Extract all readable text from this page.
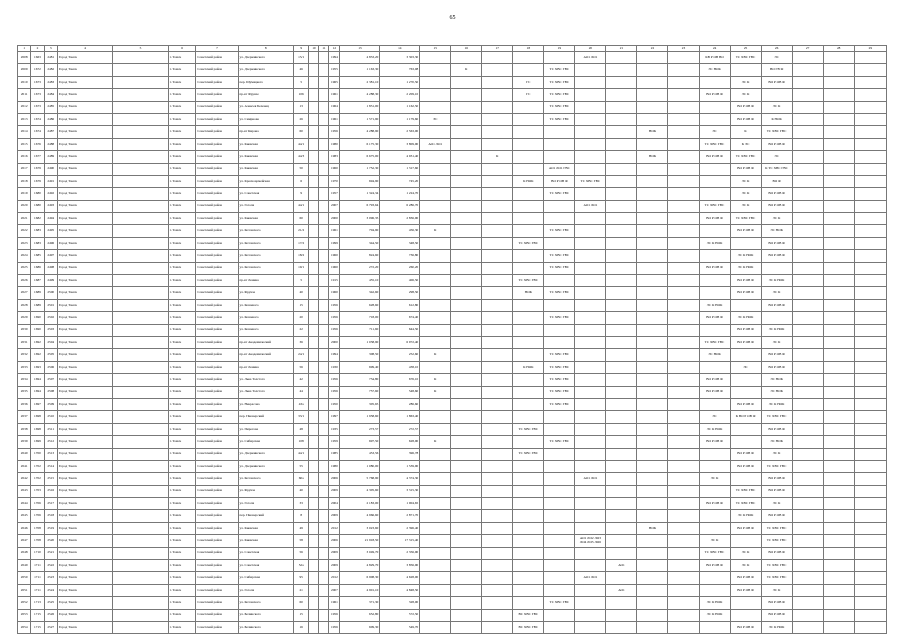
65
1	2	3	4	5	6	7	8	9	10	11	12	13	14	15	16	17	18	19	20	21	22	23	24	25	26	27	28	29
2008	1663	2481	Город Томск		г. Томск	Советский район	ул. Дзержинского	15/1			1994	4 833,20	3 303,30						АО1 ЛО1				КВ Р ОВ ВО	ТС ХВС ГВС	ЭС			
2009	1672	2482	Город Томск		г. Томск	Советский район	ул. Дзержинского	46			1955	1 163,30	763,08		К			ТС ХВС ГВС					ЭС НОК		ВО ГВ Ф			
2010	1673	2483	Город Томск		г. Томск	Советский район	пер. Шумяцкого	5			1965	2 381,10	1 270,50				ГС	ТС ХВС ГВС						ЭС К	ВО Р ОВ Ф			
2011	1673	2484	Город Томск		г. Томск	Советский район	пр-кт Фрунзе	106			1961	4 288,30	2 209,10				ГС	ТС ХВС ГВС					ВО Р ОВ Ф	ЭС К				
2012	1673	2485	Город Томск		г. Томск	Советский район	ул. Алексея Беленец	13			1964	1 831,00	1 162,50					ТС ХВС ГВС						ВО Р ОВ Ф	ЭС К			
2013	1674	2486	Город Томск		г. Томск	Советский район	ул. Смирнова	26			1961	1 571,90	1 179,60	ЭС				ТС ХВС ГВС						ВО Р ОВ Ф	К НОК			
2014	1674	2487	Город Томск		г. Томск	Советский район	пр-кт Кирова	60			1956	4 288,90	2 563,00								НОК		ЭС	К	ТС ХВС ГВС			
2015	1676	2488	Город Томск		г. Томск	Советский район	ул. Киевская	44/1			1980	6 175,30	3 809,90	АО1 ЛО1									ТС ХВС ГВС	К ЭС	ВО Р ОВ Ф			
2016	1677	2489	Город Томск		г. Томск	Советский район	ул. Киевская	44/3			1983	6 675,00	4 931,40			К					НОК		ВО Р ОВ Ф	ТС ХВС ГВС	ЭС			
2017	1679	2490	Город Томск		г. Томск	Советский район	ул. Киевская	50			1960	1 752,30	1 317,60					АО1 ЛО1 ГВС						ВО Р ОВ Ф	К ТС ХВС ГВС			
2018	1679	2491	Город Томск		г. Томск	Советский район	ул. Красноармейская	6			1970	694,90	745,20				К НОК	ВО Р ОВ Ф	ТС ХВС ГВС					ЭС К	ВО Ф			
2019	1680	2492	Город Томск		г. Томск	Советский район	ул. Советская	9			1957	1 324,34	1 224,70					ТС ХВС ГВС						ЭС К	ВО Р ОВ Ф			
2020	1680	2493	Город Томск		г. Томск	Советский район	ул. Гоголя	44/1			2007	6 793,64	6 286,70						АО1 ЛО1				ТС ХВС ГВС	ЭС К	ВО Р ОВ Ф			
2021	1682	2494	Город Томск		г. Томск	Советский район	ул. Киевская	60			2000	3 096,35	2 836,90										ВО Р ОВ Ф	ТС ХВС ГВС	ЭС К			
2022	1683	2495	Город Томск		г. Томск	Советский район	ул. Котовского	21/2			1961	704,90	456,30	К				ТС ХВС ГВС						ВО Р ОВ Ф	ЭС НОК			
2023	1683	2496	Город Томск		г. Томск	Советский район	ул. Котовского	17/2			1999	344,50	348,50				ТС ХВС ГВС						ЭС К НОК		ВО Р ОВ Ф			
2024	1685	2497	Город Томск		г. Томск	Советский район	ул. Котовского	18/2			1960	824,60	736,80					ТС ХВС ГВС						ЭС К НОК	ВО Р ОВ Ф			
2025	1686	2498	Город Томск		г. Томск	Советский район	ул. Котовского	19/1			1960	272,20	260,20					ТС ХВС ГВС					ВО Р ОВ Ф	ЭС К НОК				
2026	1687	2499	Город Томск		г. Томск	Советский район	пр-кт Ленина	5			1915	455,10	406,50				ТС ХВС ГВС							ВО Р ОВ Ф	ЭС К НОК			
2027	1689	2500	Город Томск		г. Томск	Советский район	ул. Фрунзе	40			1960	342,60	298,50				НОК	ТС ХВС ГВС						ВО Р ОВ Ф	ЭС К			
2028	1689	2501	Город Томск		г. Томск	Советский район	ул. Кошевого	15			1956	628,60	612,80										ЭС К НОК		ВО Р ОВ Ф			
2029	1690	2502	Город Томск		г. Томск	Советский район	ул. Кошевого	20			1956	718,00	674,40					ТС ХВС ГВС					ВО Р ОВ Ф	ЭС К НОК				
2030	1690	2503	Город Томск		г. Томск	Советский район	ул. Кошевого	22			1956	711,60	644,50											ВО Р ОВ Ф	ЭС К НОК			
2031	1692	2504	Город Томск		г. Томск	Советский район	пр-кт Академический	36			2000	1 038,90	6 972,40										ТС ХВС ГВС	ВО Р ОВ Ф	ЭС К			
2032	1692	2505	Город Томск		г. Томск	Советский район	пр-кт Академический	24/1			1994	308,50	252,60	К				ТС ХВС ГВС					ЭС НОК		ВО Р ОВ Ф			
2033	1693	2506	Город Томск		г. Томск	Советский район	пр-кт Ленина	56			1930	699,40	438,10				К НОК	ТС ХВС ГВС						ЭС	ВО Р ОВ Ф			
2034	1694	2507	Город Томск		г. Томск	Советский район	ул. Льва Толстого	42			1956	734,80	676,10	К				ТС ХВС ГВС					ВО Р ОВ Ф		ЭС НОК			
2035	1694	2508	Город Томск		г. Томск	Советский район	ул. Льва Толстого	44			1956	757,60	548,60	К				ТС ХВС ГВС					ВО Р ОВ Ф		ЭС НОК			
2036	1697	2509	Город Томск		г. Томск	Советский район	ул. Некрасова	43а			1950	305,65	286,60					ТС ХВС ГВС						ВО Р ОВ Ф	ЭС К НОК			
2037	1698	2510	Город Томск		г. Томск	Советский район	пер. Пионерский	33/1			1997	1 958,60	1 863,40										ЭС	К ВО Р ОВ Ф	ТС ХВС ГВС			
2038	1698	2511	Город Томск		г. Томск	Советский район	ул. Пирогова	48			1935	273,57	272,57				ТС ХВС ГВС						ЭС К НОК		ВО Р ОВ Ф			
2039	1699	2512	Город Томск		г. Томск	Советский район	ул. Сибирская	108			1959	697,50	628,90	К				ТС ХВС ГВС					ВО Р ОВ Ф		ЭС НОК			
2040	1700	2513	Город Томск		г. Томск	Советский район	ул. Дзержинского	44/1			1985	453,56	396,78				ТС ХВС ГВС							ВО Р ОВ Ф	ЭС К			
2041	1702	2514	Город Томск		г. Томск	Советский район	ул. Дзержинского	55			1980	1 080,00	1 539,90											ВО Р ОВ Ф	ТС ХВС ГВС			
2042	1702	2515	Город Томск		г. Томск	Советский район	ул. Котовского	60а			2006	5 768,90	4 374,30						АО1 ЛО1				ЭС К		ВО Р ОВ Ф			
2043	1703	2516	Город Томск		г. Томск	Советский район	ул. Фрунзе	40			2009	4 305,60	3 315,30											ТС ХВС ГВС	ВО Р ОВ Ф			
2044	1706	2517	Город Томск		г. Томск	Советский район	ул. Гоголя	33			2004	2 183,00	1 904,65										ВО Р ОВ Ф	ТС ХВС ГВС	ЭС К			
2045	1706	2518	Город Томск		г. Томск	Советский район	пер. Пионерский	8			2009	4 966,60	2 871,70											ЭС К НОК	ВО Р ОВ Ф			
2046	1708	2519	Город Томск		г. Томск	Советский район	ул. Киевская	49			2012	3 023,60	2 396,40								НОК			ВО Р ОВ Ф	ТС ХВС ГВС			
2047	1708	2520	Город Томск		г. Томск	Советский район	ул. Киевская	58			2006	21 918,50	17 315,40						АО1 ЛО2 ЛО3 ЛО4 ЛО5 ЛО6				ЭС К		ТС ХВС ГВС			
2048	1710	2521	Город Томск		г. Томск	Советский район	ул. Советская	56			2009	3 049,70	2 356,90										ТС ХВС ГВС	ЭС К	ВО Р ОВ Ф			
2049	1711	2522	Город Томск		г. Томск	Советский район	ул. Советская	52а			2009	4 829,70	3 856,90							АО1			ВО Р ОВ Ф	ЭС К	ТС ХВС ГВС			
2050	1711	2523	Город Томск		г. Томск	Советский район	ул. Сибирская	95			2012	6 908,30	4 628,00						АО1 ЛО1					ВО Р ОВ Ф	ТС ХВС ГВС			
2051	1711	2524	Город Томск		г. Томск	Советский район	ул. Гоголя	21			2007	4 901,10	4 848,50							АО1				ВО Р ОВ Ф	ЭС К			
2052	1713	2525	Город Томск		г. Томск	Советский район	ул. Котовского	60			1961	371,30	328,00					ТС ХВС ГВС					ЭС К НОК		ВО Р ОВ Ф			
2053	1715	2526	Город Томск		г. Томск	Советский район	ул. Белинского	15			1956	652,80	572,50				ВС ХВС ГВС						ЭС К НОК		ВО Р ОВ Ф			
2054	1715	2527	Город Томск		г. Томск	Советский район	ул. Белинского	16			1956	609,30	549,70				ВС ХВС ГВС							ВО Р ОВ Ф	ЭС К НОК			
